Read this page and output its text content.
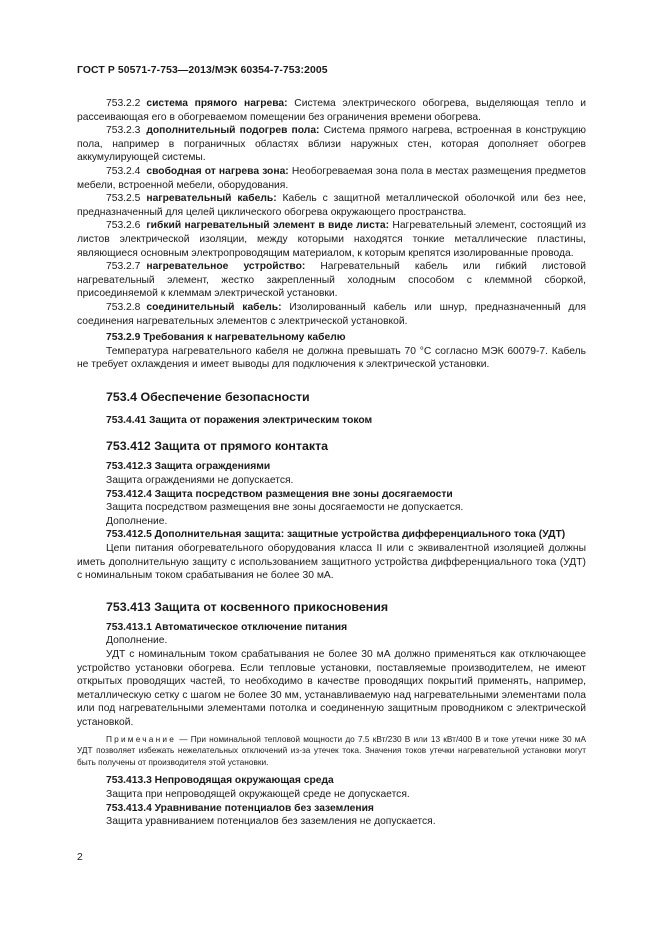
ГОСТ Р 50571-7-753—2013/МЭК 60354-7-753:2005

753.2.2 система прямого нагрева: Система электрического обогрева, выделяющая тепло и рассеивающая его в обогреваемом помещении без ограничения времени обогрева.

753.2.3 дополнительный подогрев пола: Система прямого нагрева, встроенная в конструкцию пола, например в пограничных областях вблизи наружных стен, которая дополняет обогрев аккумулирующей системы.

753.2.4 свободная от нагрева зона: Необогреваемая зона пола в местах размещения предметов мебели, встроенной мебели, оборудования.

753.2.5 нагревательный кабель: Кабель с защитной металлической оболочкой или без нее, предназначенный для целей циклического обогрева окружающего пространства.

753.2.6 гибкий нагревательный элемент в виде листа: Нагревательный элемент, состоящий из листов электрической изоляции, между которыми находятся тонкие металлические пластины, являющиеся основным электропроводящим материалом, к которым крепятся изолированные провода.

753.2.7 нагревательное устройство: Нагревательный кабель или гибкий листовой нагревательный элемент, жестко закрепленный холодным способом с клеммной сборкой, присоединяемой к клеммам электрической установки.

753.2.8 соединительный кабель: Изолированный кабель или шнур, предназначенный для соединения нагревательных элементов с электрической установкой.

753.2.9 Требования к нагревательному кабелю

Температура нагревательного кабеля не должна превышать 70 °С согласно МЭК 60079-7. Кабель не требует охлаждения и имеет выводы для подключения к электрической установки.

753.4 Обеспечение безопасности
753.4.41 Защита от поражения электрическим током
753.412 Защита от прямого контакта
753.412.3 Защита ограждениями

Защита ограждениями не допускается.

753.412.4 Защита посредством размещения вне зоны досягаемости

Защита посредством размещения вне зоны досягаемости не допускается.

Дополнение.

753.412.5 Дополнительная защита: защитные устройства дифференциального тока (УДТ)

Цепи питания обогревательного оборудования класса II или с эквивалентной изоляцией должны иметь дополнительную защиту с использованием защитного устройства дифференциального тока (УДТ) с номинальным током срабатывания не более 30 мА.

753.413 Защита от косвенного прикосновения
753.413.1 Автоматическое отключение питания

Дополнение.

УДТ с номинальным током срабатывания не более 30 мА должно применяться как отключающее устройство установки обогрева. Если тепловые установки, поставляемые производителем, не имеют открытых проводящих частей, то необходимо в качестве проводящих покрытий применять, например, металлическую сетку с шагом не более 30 мм, устанавливаемую над нагревательными элементами пола или под нагревательными элементами потолка и соединенную защитным проводником с электрической установкой.

Примечание — При номинальной тепловой мощности до 7.5 кВт/230 В или 13 кВт/400 В и токе утечки ниже 30 мА УДТ позволяет избежать нежелательных отключений из-за утечек тока. Значения токов утечки нагревательной установки могут быть получены от производителя этой установки.

753.413.3 Непроводящая окружающая среда

Защита при непроводящей окружающей среде не допускается.

753.413.4 Уравнивание потенциалов без заземления

Защита уравниванием потенциалов без заземления не допускается.

2
